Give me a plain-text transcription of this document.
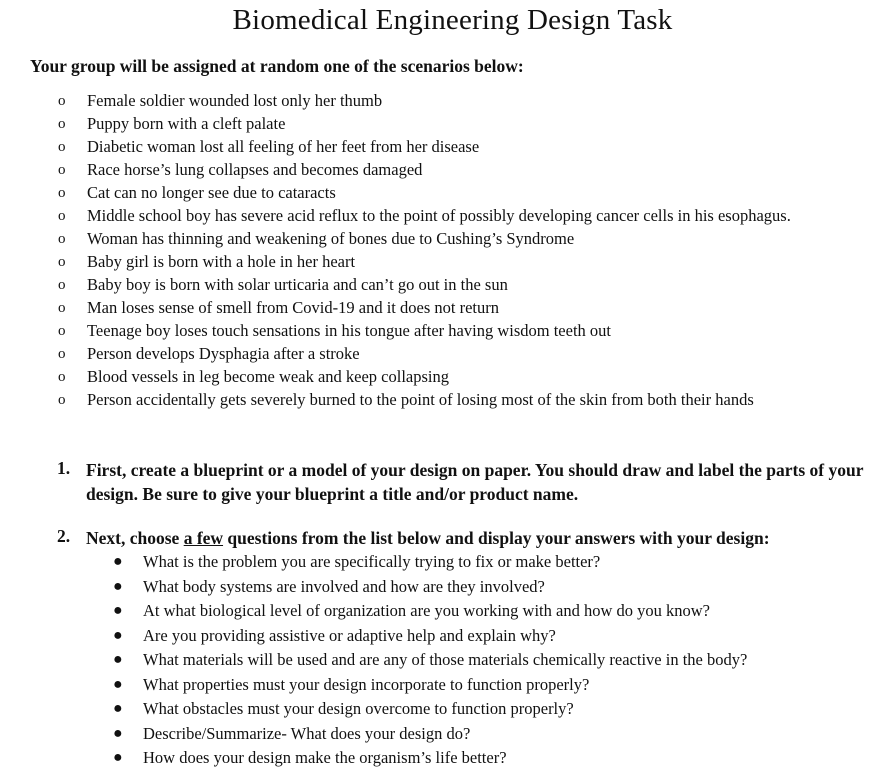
Biomedical Engineering Design Task
Your group will be assigned at random one of the scenarios below:
o Female soldier wounded lost only her thumb
o Puppy born with a cleft palate
o Diabetic woman lost all feeling of her feet from her disease
o Race horse’s lung collapses and becomes damaged
o Cat can no longer see due to cataracts
o Middle school boy has severe acid reflux to the point of possibly developing cancer cells in his esophagus.
o Woman has thinning and weakening of bones due to Cushing’s Syndrome
o Baby girl is born with a hole in her heart
o Baby boy is born with solar urticaria and can’t go out in the sun
o Man loses sense of smell from Covid-19 and it does not return
o Teenage boy loses touch sensations in his tongue after having wisdom teeth out
o Person develops Dysphagia after a stroke
o Blood vessels in leg become weak and keep collapsing
o Person accidentally gets severely burned to the point of losing most of the skin from both their hands
1. First, create a blueprint or a model of your design on paper. You should draw and label the parts of your design. Be sure to give your blueprint a title and/or product name.
2. Next, choose a few questions from the list below and display your answers with your design:
● What is the problem you are specifically trying to fix or make better?
● What body systems are involved and how are they involved?
● At what biological level of organization are you working with and how do you know?
● Are you providing assistive or adaptive help and explain why?
● What materials will be used and are any of those materials chemically reactive in the body?
● What properties must your design incorporate to function properly?
● What obstacles must your design overcome to function properly?
● Describe/Summarize- What does your design do?
● How does your design make the organism’s life better?
